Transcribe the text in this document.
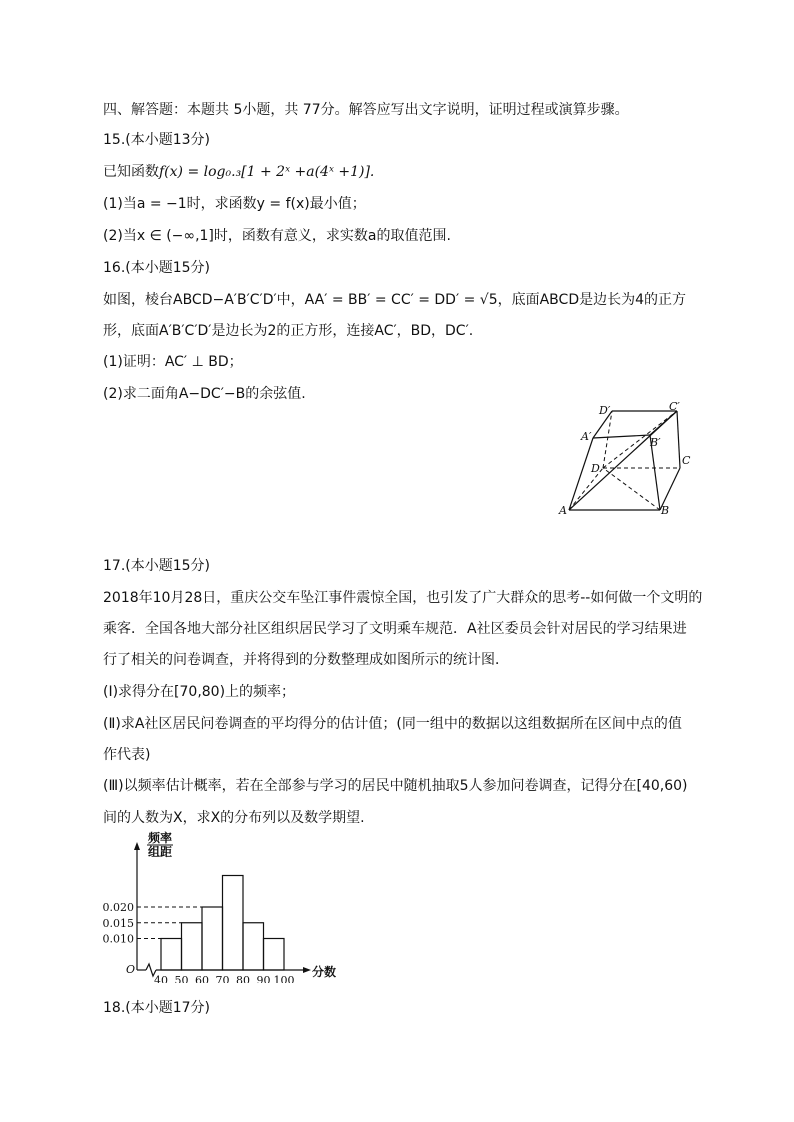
四、解答题：本题共 5小题，共 77分。解答应写出文字说明，证明过程或演算步骤。
15.(本小题13分)
已知函数f(x) = log₀.₃[1 + 2ˣ +a(4ˣ +1)].
(1)当a = −1时，求函数y = f(x)最小值；
(2)当x ∈ (−∞,1]时，函数有意义，求实数a的取值范围.
16.(本小题15分)
如图，棱台ABCD−A′B′C′D′中，AA′ = BB′ = CC′ = DD′ = √5，底面ABCD是边长为4的正方
形，底面A′B′C′D′是边长为2的正方形，连接AC′，BD，DC′.
(1)证明：AC′ ⊥ BD；
(2)求二面角A−DC′−B的余弦值.
A	B
C
D
A′	B′
C′
D′
17.(本小题15分)
2018年10月28日，重庆公交车坠江事件震惊全国，也引发了广大群众的思考--如何做一个文明的
乘客．全国各地大部分社区组织居民学习了文明乘车规范．A社区委员会针对居民的学习结果进
行了相关的问卷调查，并将得到的分数整理成如图所示的统计图．
(Ⅰ)求得分在[70,80)上的频率；
(Ⅱ)求A社区居民问卷调查的平均得分的估计值；(同一组中的数据以这组数据所在区间中点的值
作代表)
(Ⅲ)以频率估计概率，若在全部参与学习的居民中随机抽取5人参加问卷调查，记得分在[40,60)
间的人数为X，求X的分布列以及数学期望.
0.020
0.015
0.010
40 50 60 70 80 90 100
频率
组距
O	分数
18.(本小题17分)
